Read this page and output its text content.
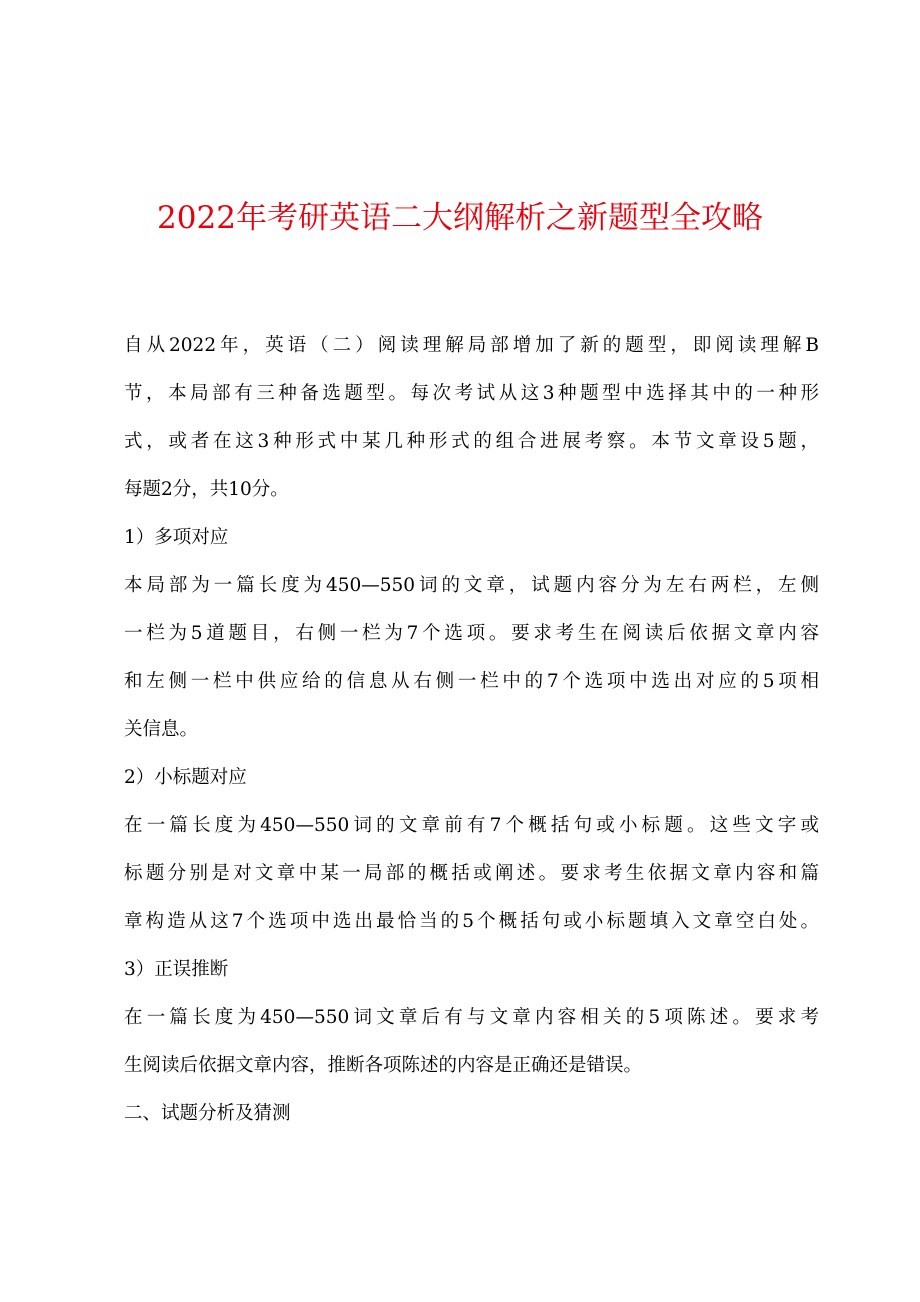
2022年考研英语二大纲解析之新题型全攻略
自从2022年，英语（二）阅读理解局部增加了新的题型，即阅读理解B
节，本局部有三种备选题型。每次考试从这3种题型中选择其中的一种形
式，或者在这3种形式中某几种形式的组合进展考察。本节文章设5题，
每题2分，共10分。
1）多项对应
本局部为一篇长度为450—550词的文章，试题内容分为左右两栏，左侧
一栏为5道题目，右侧一栏为7个选项。要求考生在阅读后依据文章内容
和左侧一栏中供应给的信息从右侧一栏中的7个选项中选出对应的5项相
关信息。
2）小标题对应
在一篇长度为450—550词的文章前有7个概括句或小标题。这些文字或
标题分别是对文章中某一局部的概括或阐述。要求考生依据文章内容和篇
章构造从这7个选项中选出最恰当的5个概括句或小标题填入文章空白处。
3）正误推断
在一篇长度为450—550词文章后有与文章内容相关的5项陈述。要求考
生阅读后依据文章内容，推断各项陈述的内容是正确还是错误。
二、试题分析及猜测
